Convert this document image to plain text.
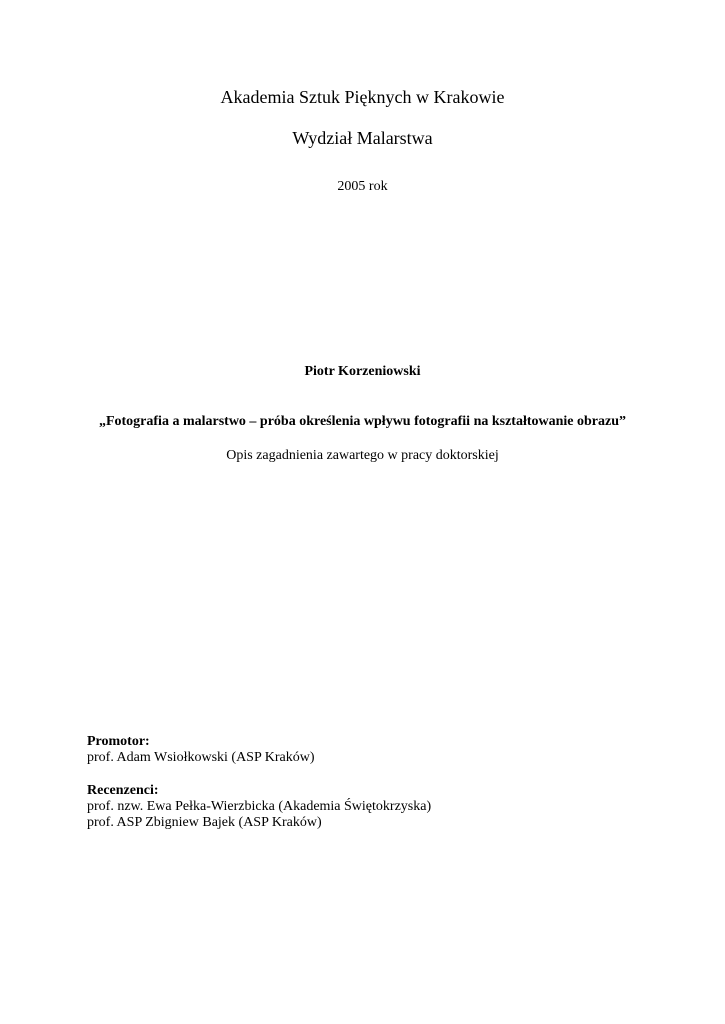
Akademia Sztuk Pięknych w Krakowie
Wydział Malarstwa
2005 rok
Piotr Korzeniowski
„Fotografia a malarstwo – próba określenia wpływu fotografii na kształtowanie obrazu”
Opis zagadnienia zawartego w pracy doktorskiej
Promotor:
prof. Adam Wsiołkowski (ASP Kraków)
Recenzenci:
prof. nzw. Ewa Pełka-Wierzbicka (Akademia Świętokrzyska)
prof. ASP Zbigniew Bajek (ASP Kraków)
